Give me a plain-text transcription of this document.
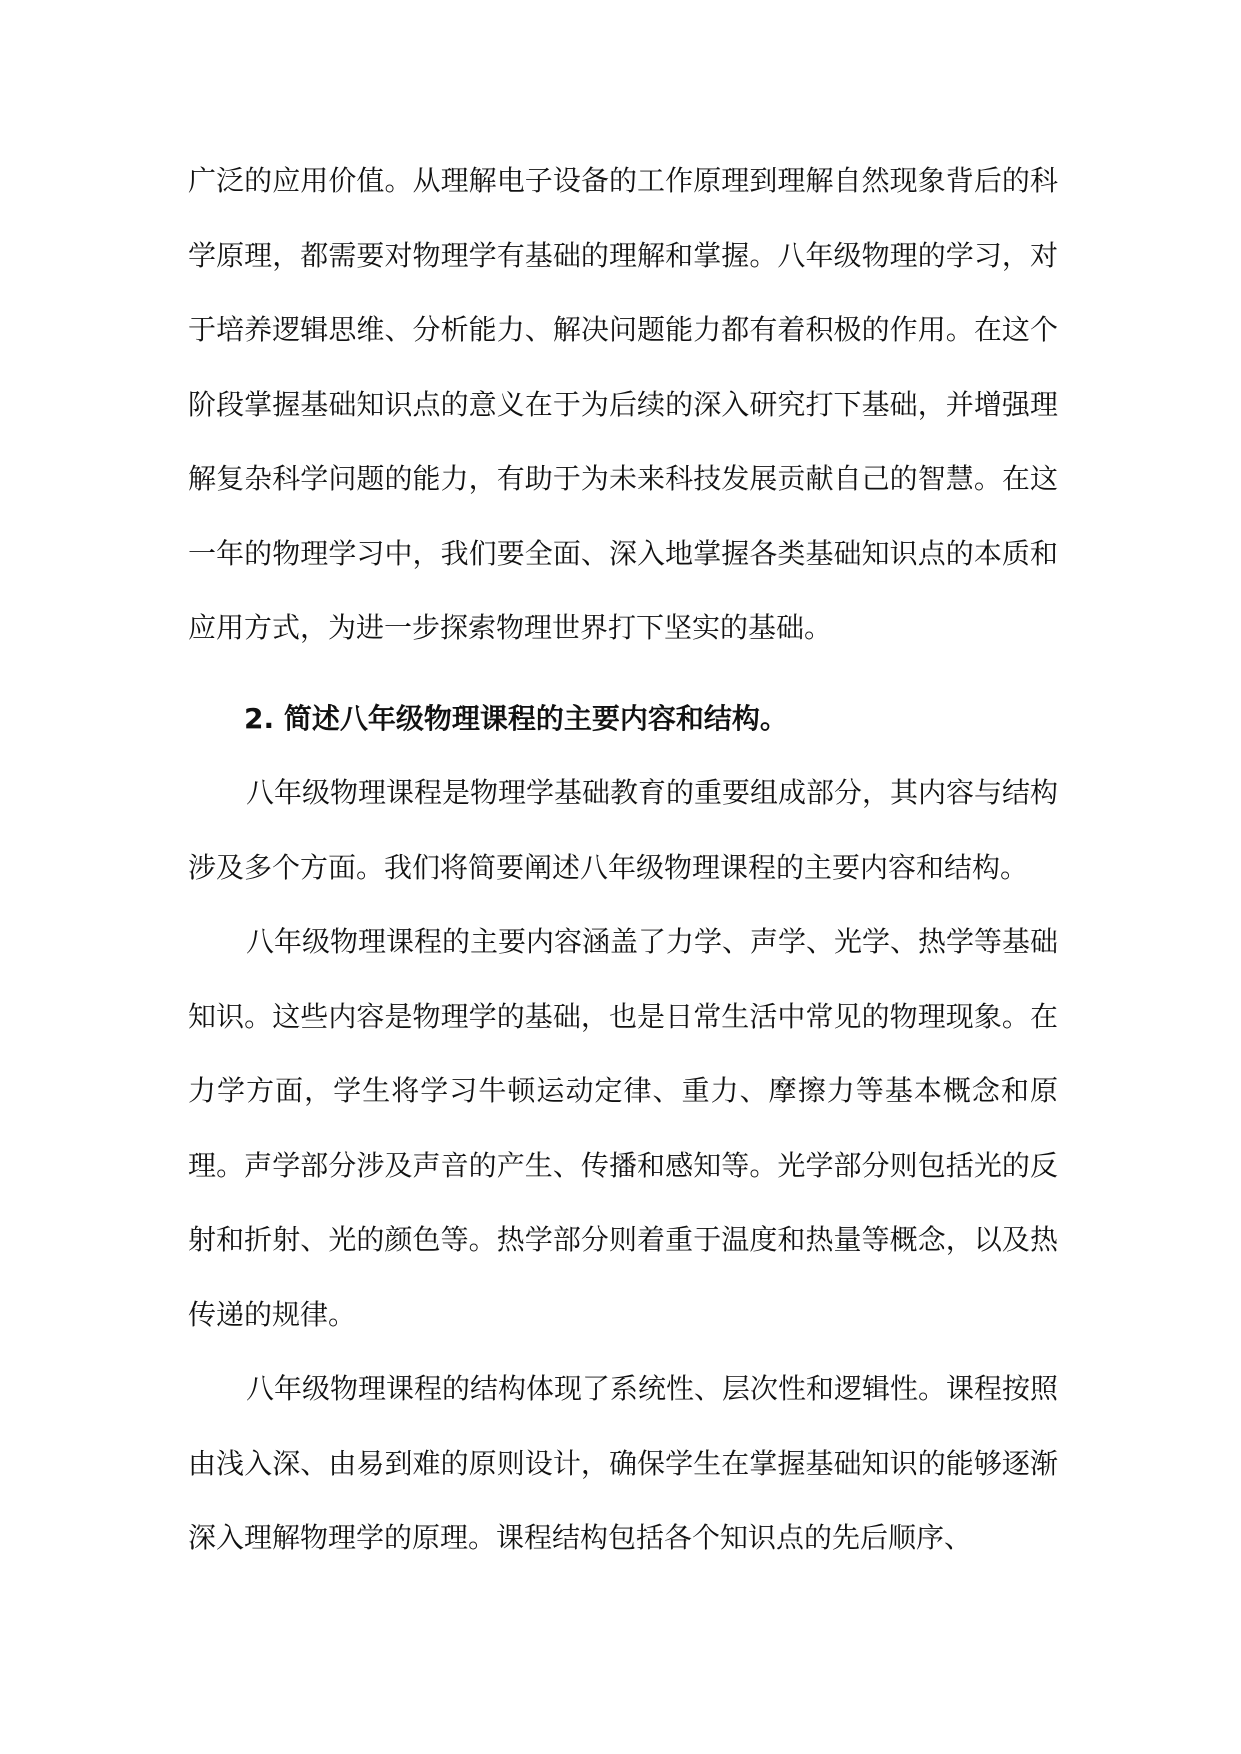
广泛的应用价值。从理解电子设备的工作原理到理解自然现象背后的科学原理，都需要对物理学有基础的理解和掌握。八年级物理的学习，对于培养逻辑思维、分析能力、解决问题能力都有着积极的作用。在这个阶段掌握基础知识点的意义在于为后续的深入研究打下基础，并增强理解复杂科学问题的能力，有助于为未来科技发展贡献自己的智慧。在这一年的物理学习中，我们要全面、深入地掌握各类基础知识点的本质和应用方式，为进一步探索物理世界打下坚实的基础。

2. 简述八年级物理课程的主要内容和结构。

八年级物理课程是物理学基础教育的重要组成部分，其内容与结构涉及多个方面。我们将简要阐述八年级物理课程的主要内容和结构。

八年级物理课程的主要内容涵盖了力学、声学、光学、热学等基础知识。这些内容是物理学的基础，也是日常生活中常见的物理现象。在力学方面，学生将学习牛顿运动定律、重力、摩擦力等基本概念和原理。声学部分涉及声音的产生、传播和感知等。光学部分则包括光的反射和折射、光的颜色等。热学部分则着重于温度和热量等概念，以及热传递的规律。

八年级物理课程的结构体现了系统性、层次性和逻辑性。课程按照由浅入深、由易到难的原则设计，确保学生在掌握基础知识的能够逐渐深入理解物理学的原理。课程结构包括各个知识点的先后顺序、
